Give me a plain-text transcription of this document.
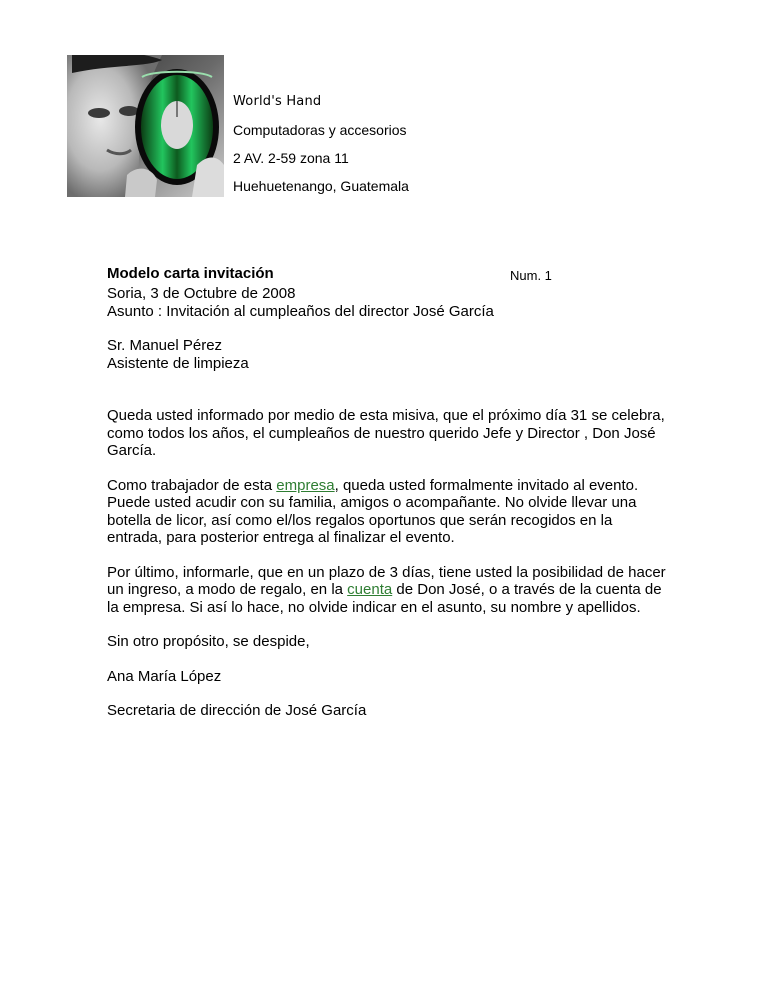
World's Hand
Computadoras y accesorios
2 AV. 2-59 zona 11
Huehuetenango, Guatemala
Modelo carta invitación	Num. 1
Soria, 3 de Octubre de 2008
Asunto : Invitación al cumpleaños del director José García
Sr. Manuel Pérez
Asistente de limpieza

Queda usted informado por medio de esta misiva, que el próximo día 31 se celebra, como todos los años, el cumpleaños de nuestro querido Jefe y Director , Don José García.

Como trabajador de esta empresa, queda usted formalmente invitado al evento. Puede usted acudir con su familia, amigos o acompañante. No olvide llevar una botella de licor, así como el/los regalos oportunos que serán recogidos en la entrada, para posterior entrega al finalizar el evento.

Por último, informarle, que en un plazo de 3 días, tiene usted la posibilidad de hacer un ingreso, a modo de regalo, en la cuenta de Don José, o a través de la cuenta de la empresa. Si así lo hace, no olvide indicar en el asunto, su nombre y apellidos.

Sin otro propósito, se despide,
Ana María López
Secretaria de dirección de José García
